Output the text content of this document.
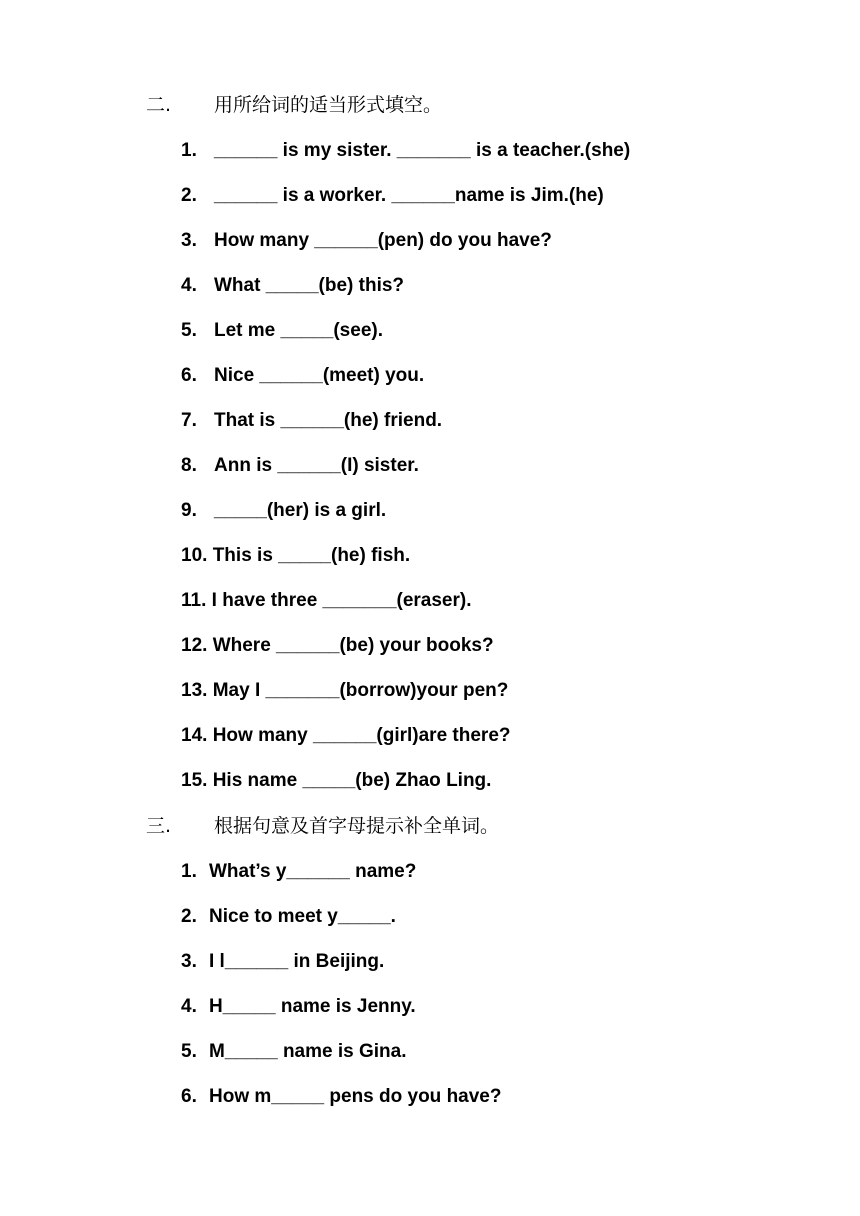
二. 用所给词的适当形式填空。
1. ______ is my sister. _______ is a teacher.(she)
2. ______ is a worker. ______name is Jim.(he)
3. How many ______(pen) do you have?
4. What _____(be) this?
5. Let me _____(see).
6. Nice ______(meet) you.
7. That is ______(he) friend.
8. Ann is ______(I) sister.
9. _____(her) is a girl.
10. This is _____(he) fish.
11. I have three _______(eraser).
12. Where ______(be) your books?
13. May I _______(borrow)your pen?
14. How many ______(girl)are there?
15. His name _____(be) Zhao Ling.
三. 根据句意及首字母提示补全单词。
1. What’s y______ name?
2. Nice to meet y_____.
3. I l______ in Beijing.
4. H_____ name is Jenny.
5. M_____ name is Gina.
6. How m_____ pens do you have?
